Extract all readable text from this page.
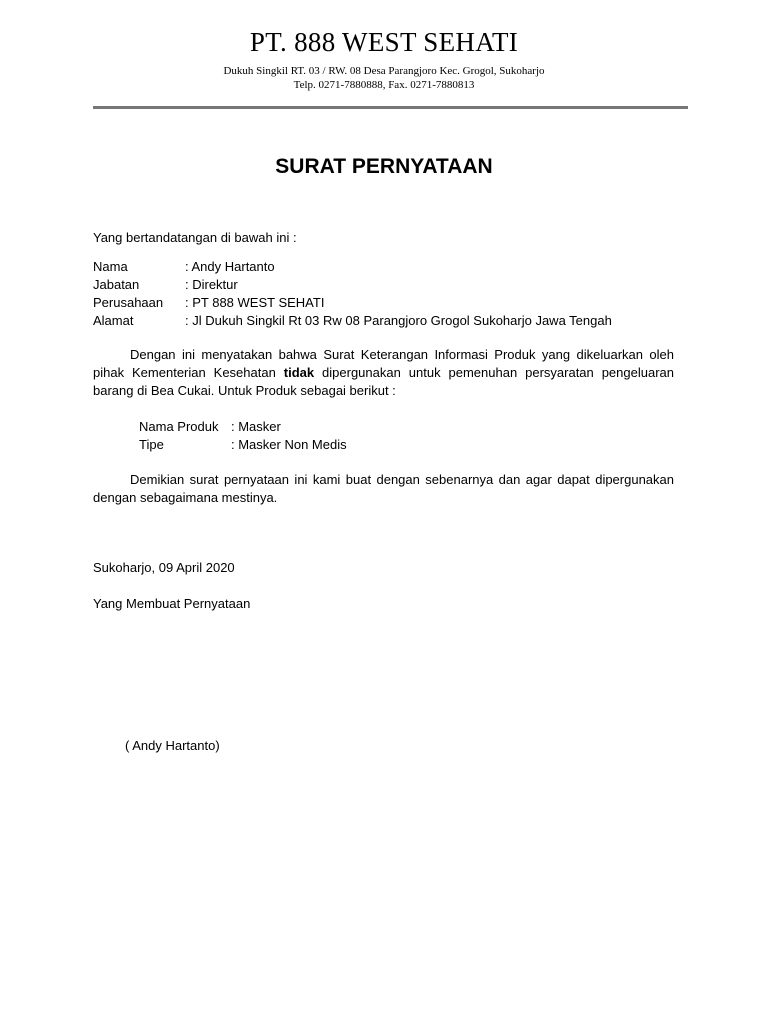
PT. 888 WEST SEHATI

Dukuh Singkil RT. 03 / RW. 08 Desa Parangjoro Kec. Grogol, Sukoharjo

Telp. 0271-7880888, Fax. 0271-7880813

SURAT PERNYATAAN

Yang bertandatangan di bawah ini :

Nama	: Andy Hartanto
Jabatan	: Direktur
Perusahaan	: PT 888 WEST SEHATI
Alamat	: Jl Dukuh Singkil Rt 03 Rw 08 Parangjoro Grogol Sukoharjo Jawa Tengah

Dengan ini menyatakan bahwa Surat Keterangan Informasi Produk yang dikeluarkan oleh pihak Kementerian Kesehatan tidak dipergunakan untuk pemenuhan persyaratan pengeluaran barang di Bea Cukai. Untuk Produk sebagai berikut :

Nama Produk : Masker
Tipe	: Masker Non Medis

Demikian surat pernyataan ini kami buat dengan sebenarnya dan agar dapat dipergunakan dengan sebagaimana mestinya.

Sukoharjo, 09 April 2020

Yang Membuat Pernyataan

( Andy Hartanto)
